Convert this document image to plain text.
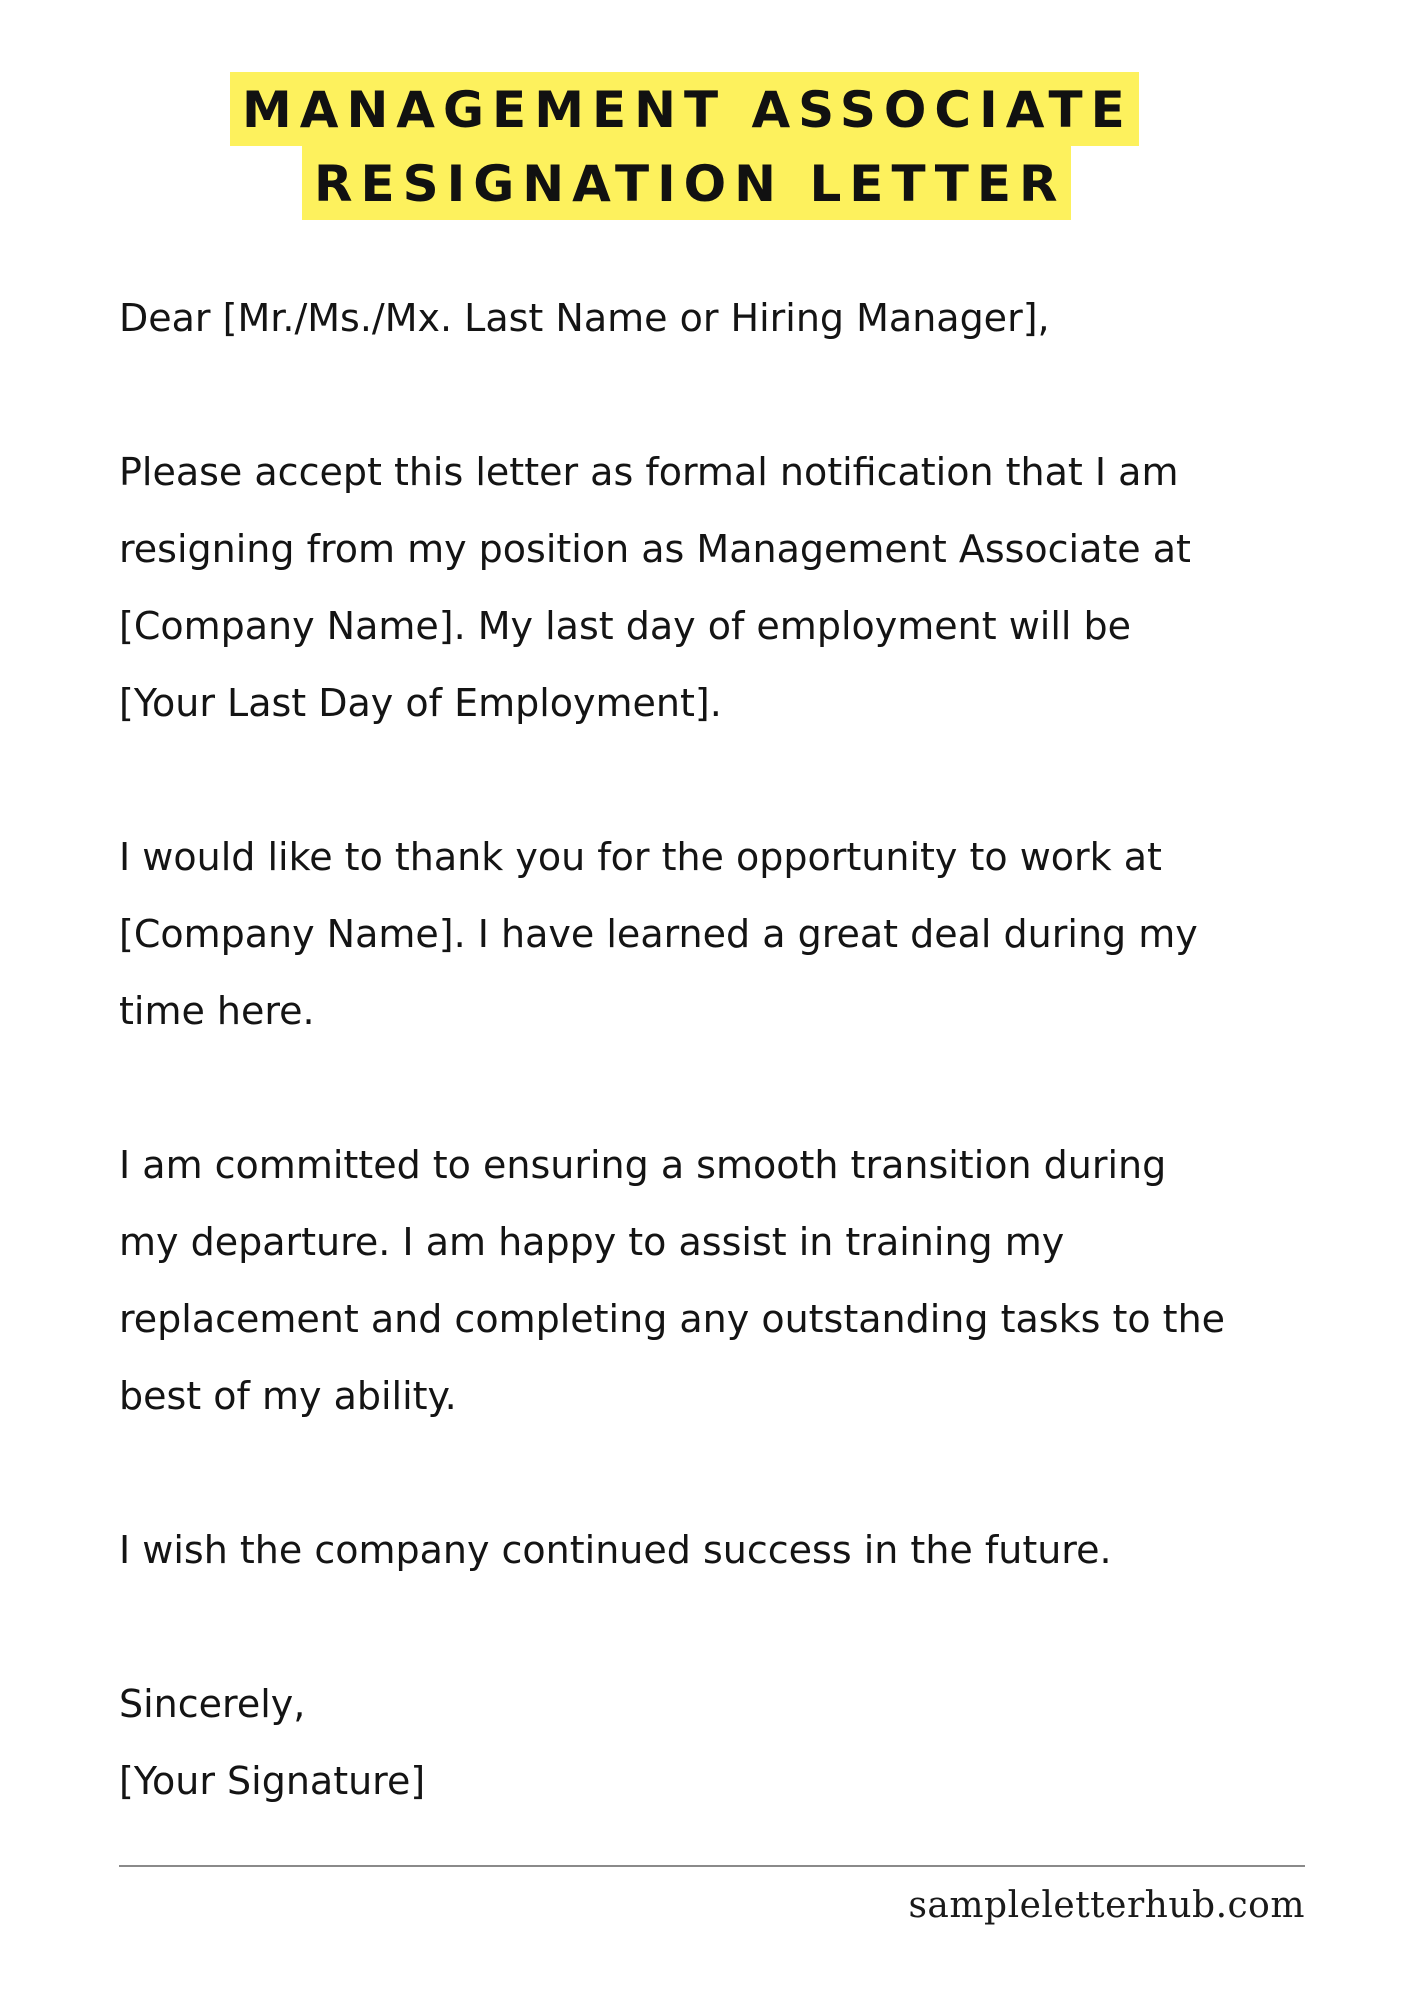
MANAGEMENT ASSOCIATE
RESIGNATION LETTER

Dear [Mr./Ms./Mx. Last Name or Hiring Manager],

Please accept this letter as formal notification that I am
resigning from my position as Management Associate at
[Company Name]. My last day of employment will be
[Your Last Day of Employment].

I would like to thank you for the opportunity to work at
[Company Name]. I have learned a great deal during my
time here.

I am committed to ensuring a smooth transition during
my departure. I am happy to assist in training my
replacement and completing any outstanding tasks to the
best of my ability.

I wish the company continued success in the future.

Sincerely,

[Your Signature]

sampleletterhub.com
